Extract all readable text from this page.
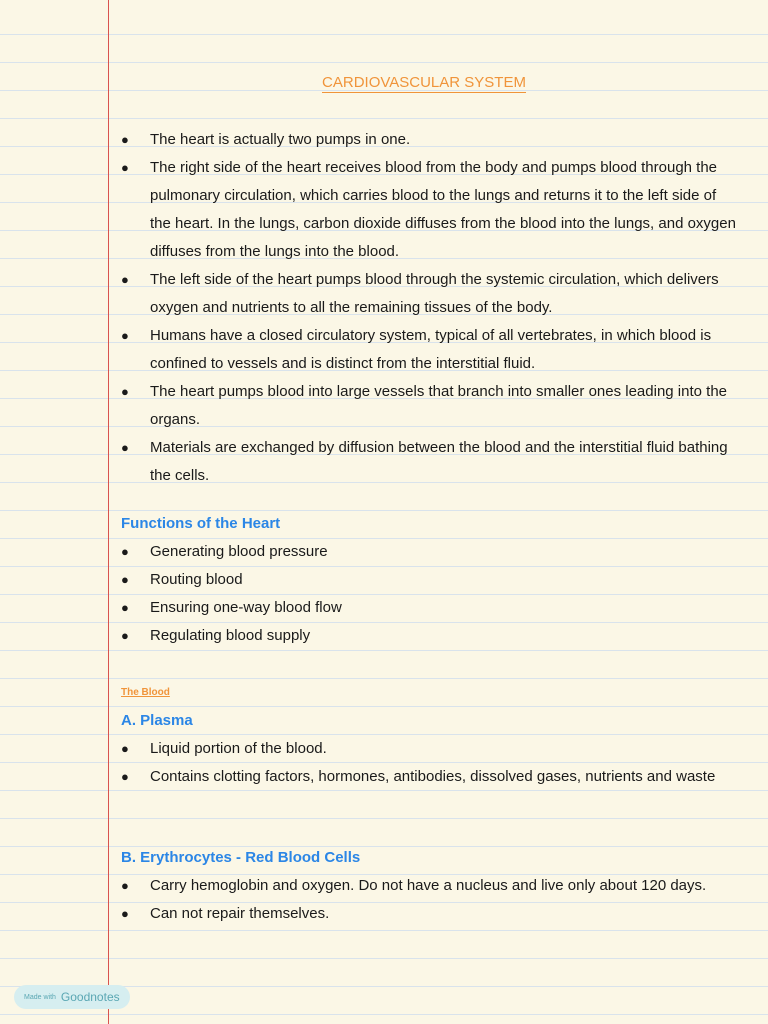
CARDIOVASCULAR SYSTEM
● The heart is actually two pumps in one.
● The right side of the heart receives blood from the body and pumps blood through the pulmonary circulation, which carries blood to the lungs and returns it to the left side of the heart. In the lungs, carbon dioxide diffuses from the blood into the lungs, and oxygen diffuses from the lungs into the blood.
● The left side of the heart pumps blood through the systemic circulation, which delivers oxygen and nutrients to all the remaining tissues of the body.
● Humans have a closed circulatory system, typical of all vertebrates, in which blood is confined to vessels and is distinct from the interstitial fluid.
● The heart pumps blood into large vessels that branch into smaller ones leading into the organs.
● Materials are exchanged by diffusion between the blood and the interstitial fluid bathing the cells.
Functions of the Heart
● Generating blood pressure
● Routing blood
● Ensuring one-way blood flow
● Regulating blood supply
The Blood
A. Plasma
● Liquid portion of the blood.
● Contains clotting factors, hormones, antibodies, dissolved gases, nutrients and waste
B. Erythrocytes - Red Blood Cells
● Carry hemoglobin and oxygen. Do not have a nucleus and live only about 120 days.
● Can not repair themselves.
Made with Goodnotes
